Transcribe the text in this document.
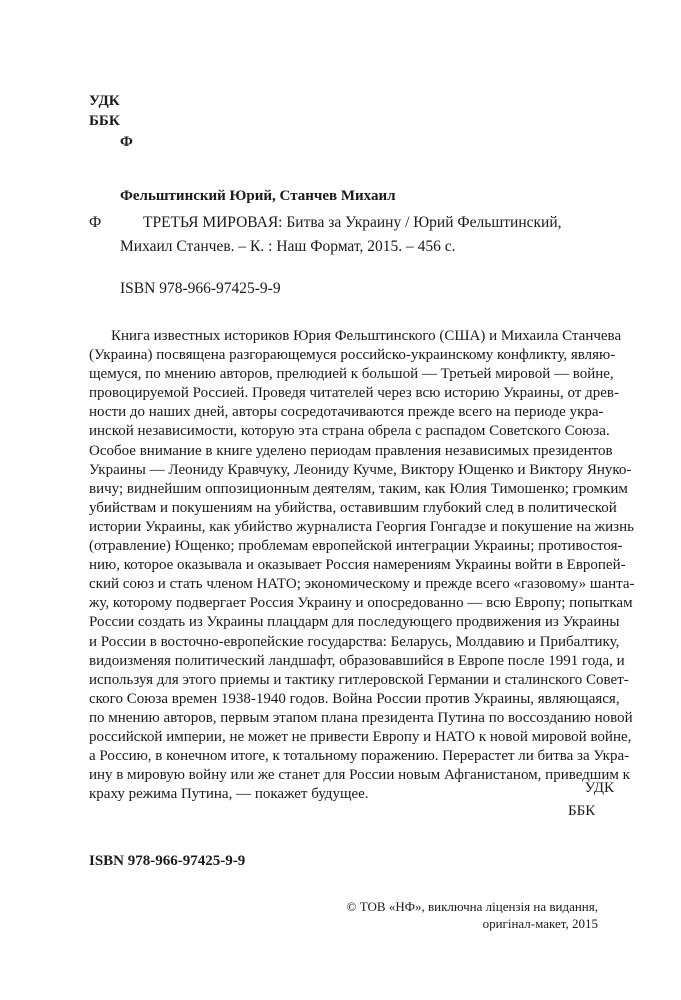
УДК
ББК
Ф
Фельштинский Юрий, Станчев Михаил
Ф	ТРЕТЬЯ МИРОВАЯ: Битва за Украину / Юрий Фельштинский,
Михаил Станчев. – К. : Наш Формат, 2015. – 456 с.
ISBN 978-966-97425-9-9
Книга известных историков Юрия Фельштинского (США) и Михаила Станчева
(Украина) посвящена разгорающемуся российско-украинскому конфликту, являю-
щемуся, по мнению авторов, прелюдией к большой — Третьей мировой — войне,
провоцируемой Россией. Проведя читателей через всю историю Украины, от древ-
ности до наших дней, авторы сосредотачиваются прежде всего на периоде укра-
инской независимости, которую эта страна обрела с распадом Советского Союза.
Особое внимание в книге уделено периодам правления независимых президентов
Украины — Леониду Кравчуку, Леониду Кучме, Виктору Ющенко и Виктору Януко-
вичу; виднейшим оппозиционным деятелям, таким, как Юлия Тимошенко; громким
убийствам и покушениям на убийства, оставившим глубокий след в политической
истории Украины, как убийство журналиста Георгия Гонгадзе и покушение на жизнь
(отравление) Ющенко; проблемам европейской интеграции Украины; противостоя-
нию, которое оказывала и оказывает Россия намерениям Украины войти в Европей-
ский союз и стать членом НАТО; экономическому и прежде всего «газовому» шанта-
жу, которому подвергает Россия Украину и опосредованно — всю Европу; попыткам
России создать из Украины плацдарм для последующего продвижения из Украины
и России в восточно-европейские государства: Беларусь, Молдавию и Прибалтику,
видоизменяя политический ландшафт, образовавшийся в Европе после 1991 года, и
используя для этого приемы и тактику гитлеровской Германии и сталинского Совет-
ского Союза времен 1938-1940 годов. Война России против Украины, являющаяся,
по мнению авторов, первым этапом плана президента Путина по воссозданию новой
российской империи, не может не привести Европу и НАТО к новой мировой войне,
а Россию, в конечном итоге, к тотальному поражению. Перерастет ли битва за Укра-
ину в мировую войну или же станет для России новым Афганистаном, приведшим к
краху режима Путина, — покажет будущее.	УДК
ББК
ISBN 978-966-97425-9-9
© ТОВ «НФ», виключна ліцензія на видання,
оригінал-макет, 2015
